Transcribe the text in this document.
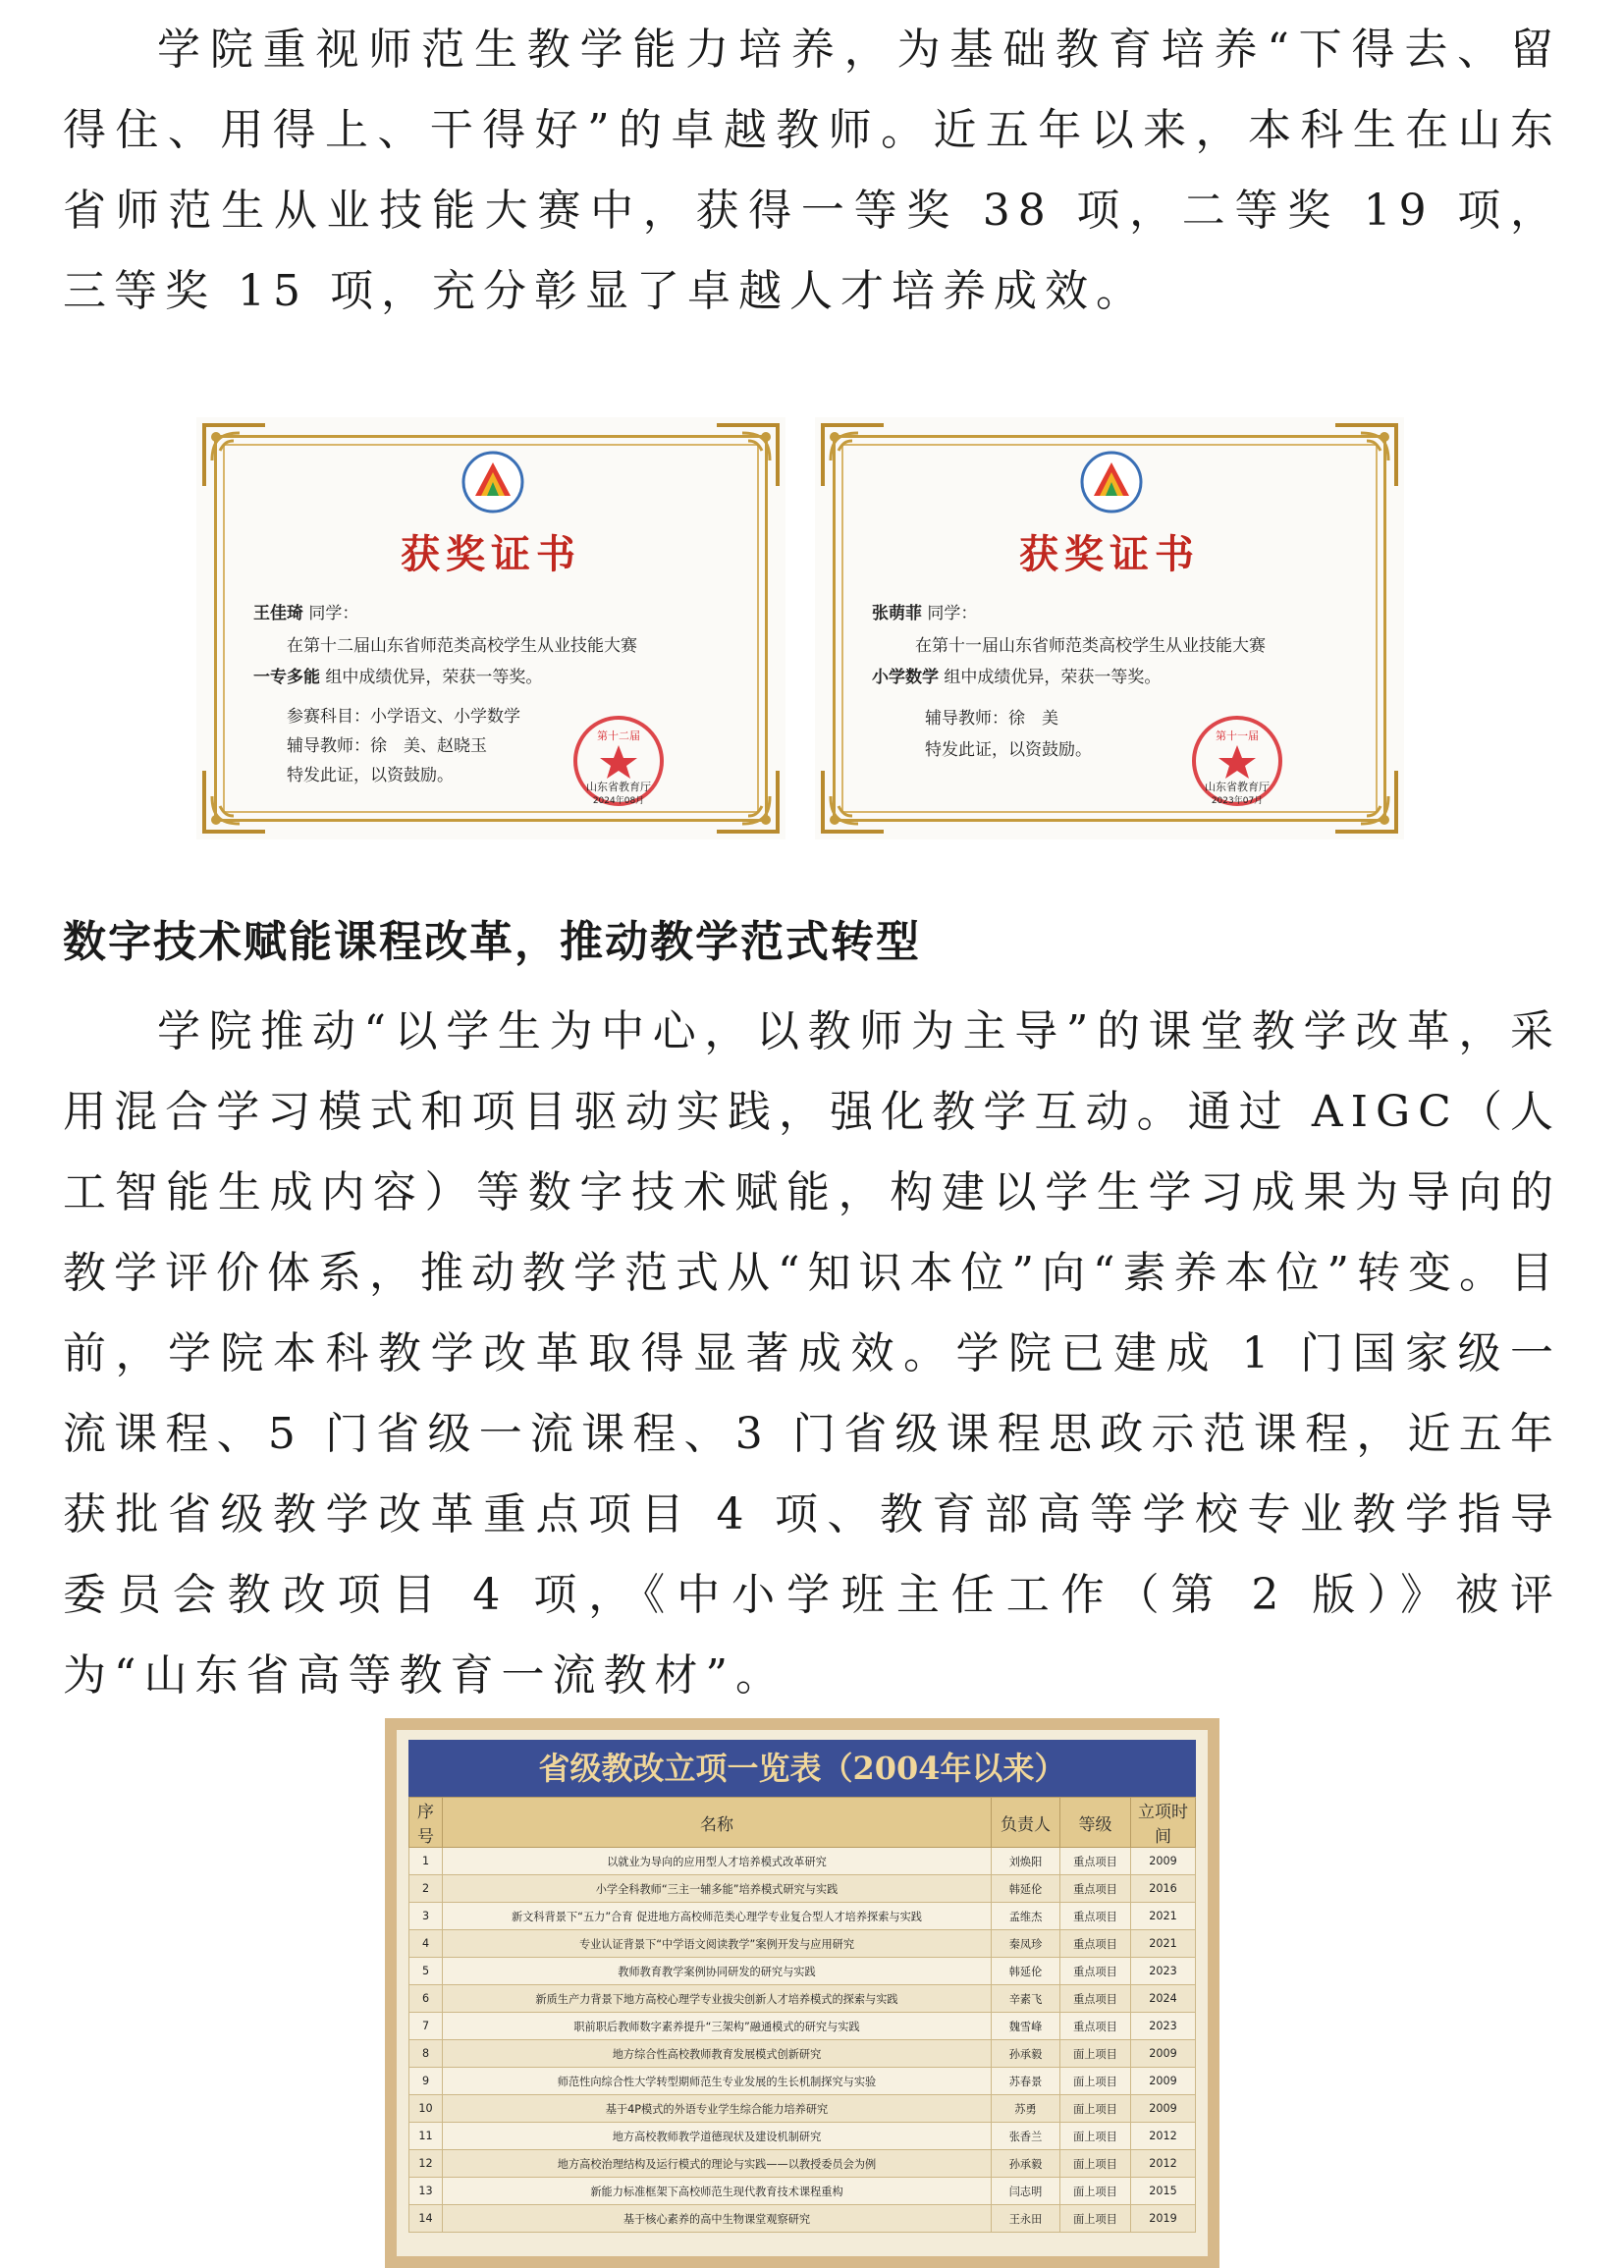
学院重视师范生教学能力培养，为基础教育培养“下得去、留得住、用得上、干得好”的卓越教师。近五年以来，本科生在山东省师范生从业技能大赛中，获得一等奖 38 项，二等奖 19 项，三等奖 15 项，充分彰显了卓越人才培养成效。

获奖证书
王佳琦 同学：
在第十二届山东省师范类高校学生从业技能大赛
一专多能 组中成绩优异，荣获一等奖。
参赛科目：小学语文、小学数学
辅导教师：徐　美、赵晓玉
特发此证，以资鼓励。
第十二届
山东省教育厅
2024年08月
获奖证书
张萌菲 同学：
在第十一届山东省师范类高校学生从业技能大赛
小学数学 组中成绩优异，荣获一等奖。
辅导教师：徐　美
特发此证，以资鼓励。
第十一届
山东省教育厅
2023年07月
数字技术赋能课程改革，推动教学范式转型

学院推动“以学生为中心，以教师为主导”的课堂教学改革，采用混合学习模式和项目驱动实践，强化教学互动。通过 AIGC（人工智能生成内容）等数字技术赋能，构建以学生学习成果为导向的教学评价体系，推动教学范式从“知识本位”向“素养本位”转变。目前，学院本科教学改革取得显著成效。学院已建成 1 门国家级一流课程、5 门省级一流课程、3 门省级课程思政示范课程，近五年获批省级教学改革重点项目 4 项、教育部高等学校专业教学指导委员会教改项目 4 项，《中小学班主任工作（第 2 版）》被评为“山东省高等教育一流教材”。

省级教改立项一览表（2004年以来）
序号	名称	负责人	等级	立项时间
1	以就业为导向的应用型人才培养模式改革研究	刘焕阳	重点项目	2009
2	小学全科教师“三主一辅多能”培养模式研究与实践	韩延伦	重点项目	2016
3	新文科背景下“五力”合育 促进地方高校师范类心理学专业复合型人才培养探索与实践	孟维杰	重点项目	2021
4	专业认证背景下“中学语文阅读教学”案例开发与应用研究	秦凤珍	重点项目	2021
5	教师教育教学案例协同研发的研究与实践	韩延伦	重点项目	2023
6	新质生产力背景下地方高校心理学专业拔尖创新人才培养模式的探索与实践	辛素飞	重点项目	2024
7	职前职后教师数字素养提升“三架构”融通模式的研究与实践	魏雪峰	重点项目	2023
8	地方综合性高校教师教育发展模式创新研究	孙承毅	面上项目	2009
9	师范性向综合性大学转型期师范生专业发展的生长机制探究与实验	苏春景	面上项目	2009
10	基于4P模式的外语专业学生综合能力培养研究	苏勇	面上项目	2009
11	地方高校教师教学道德现状及建设机制研究	张香兰	面上项目	2012
12	地方高校治理结构及运行模式的理论与实践——以教授委员会为例	孙承毅	面上项目	2012
13	新能力标准框架下高校师范生现代教育技术课程重构	闫志明	面上项目	2015
14	基于核心素养的高中生物课堂观察研究	王永田	面上项目	2019
